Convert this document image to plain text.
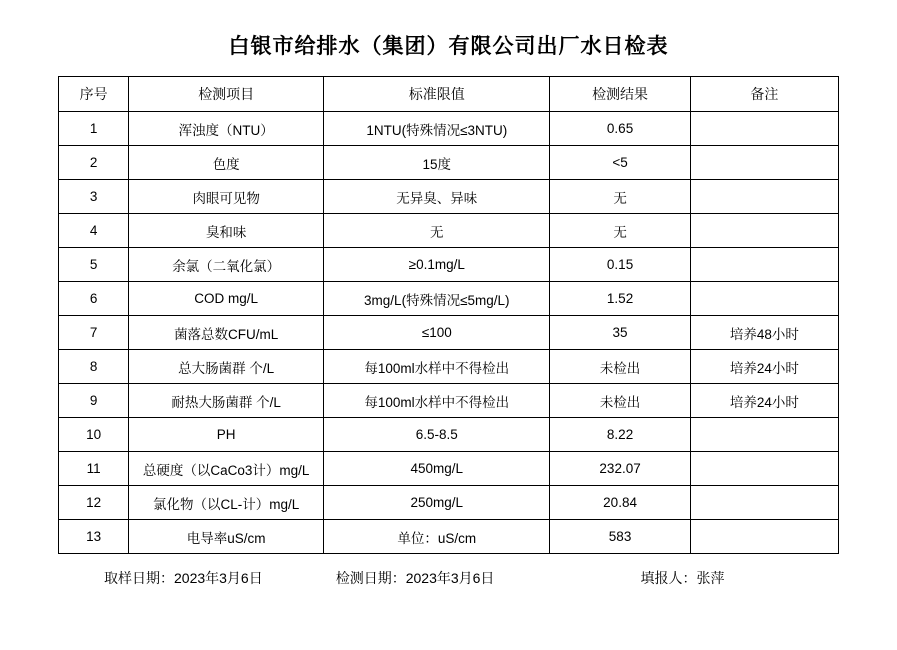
白银市给排水（集团）有限公司出厂水日检表
序号	检测项目	标准限值	检测结果	备注
1	浑浊度（NTU）	1NTU(特殊情况≤3NTU)	0.65	
2	色度	15度	<5	
3	肉眼可见物	无异臭、异味	无	
4	臭和味	无	无	
5	余氯（二氧化氯）	≥0.1mg/L	0.15	
6	COD mg/L	3mg/L(特殊情况≤5mg/L)	1.52	
7	菌落总数CFU/mL	≤100	35	培养48小时
8	总大肠菌群 个/L	每100ml水样中不得检出	未检出	培养24小时
9	耐热大肠菌群 个/L	每100ml水样中不得检出	未检出	培养24小时
10	PH	6.5-8.5	8.22	
11	总硬度（以CaCo3计）mg/L	450mg/L	232.07	
12	氯化物（以CL-计）mg/L	250mg/L	20.84	
13	电导率uS/cm	单位：uS/cm	583	
取样日期：2023年3月6日	检测日期：2023年3月6日	填报人：张萍
